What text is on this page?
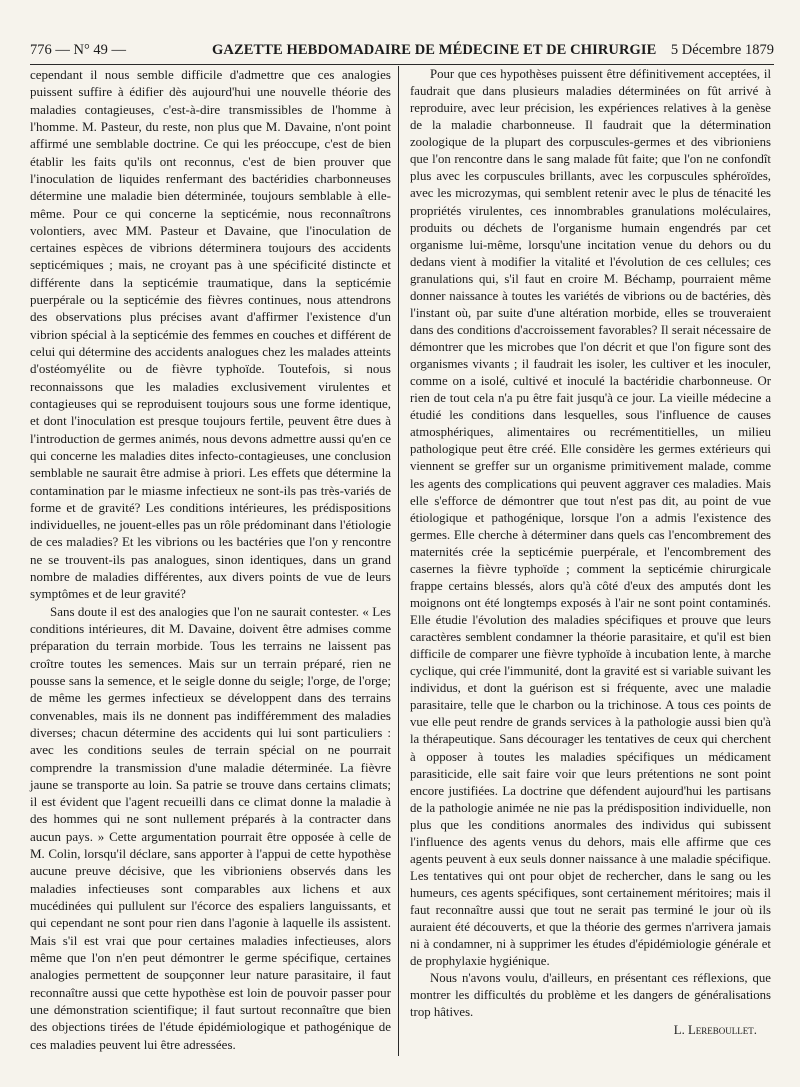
776 — N° 49 —	GAZETTE HEBDOMADAIRE DE MÉDECINE ET DE CHIRURGIE 5 Décembre 1879

cependant il nous semble difficile d'admettre que ces analogies puissent suffire à édifier dès aujourd'hui une nouvelle théorie des maladies contagieuses, c'est-à-dire transmissibles de l'homme à l'homme. M. Pasteur, du reste, non plus que M. Davaine, n'ont point affirmé une semblable doctrine. Ce qui les préoccupe, c'est de bien établir les faits qu'ils ont reconnus, c'est de bien prouver que l'inoculation de liquides renfermant des bactéridies charbonneuses détermine une maladie bien déterminée, toujours semblable à elle-même. Pour ce qui concerne la septicémie, nous reconnaîtrons volontiers, avec MM. Pasteur et Davaine, que l'inoculation de certaines espèces de vibrions déterminera toujours des accidents septicémiques ; mais, ne croyant pas à une spécificité distincte et différente dans la septicémie traumatique, dans la septicémie puerpérale ou la septicémie des fièvres continues, nous attendrons des observations plus précises avant d'affirmer l'existence d'un vibrion spécial à la septicémie des femmes en couches et différent de celui qui détermine des accidents analogues chez les malades atteints d'ostéomyélite ou de fièvre typhoïde. Toutefois, si nous reconnaissons que les maladies exclusivement virulentes et contagieuses qui se reproduisent toujours sous une forme identique, et dont l'inoculation est presque toujours fertile, peuvent être dues à l'introduction de germes animés, nous devons admettre aussi qu'en ce qui concerne les maladies dites infecto-contagieuses, une conclusion semblable ne saurait être admise à priori. Les effets que détermine la contamination par le miasme infectieux ne sont-ils pas très-variés de forme et de gravité? Les conditions intérieures, les prédispositions individuelles, ne jouent-elles pas un rôle prédominant dans l'étiologie de ces maladies? Et les vibrions ou les bactéries que l'on y rencontre ne se trouvent-ils pas analogues, sinon identiques, dans un grand nombre de maladies différentes, aux divers points de vue de leurs symptômes et de leur gravité?

Sans doute il est des analogies que l'on ne saurait contester. « Les conditions intérieures, dit M. Davaine, doivent être admises comme préparation du terrain morbide. Tous les terrains ne laissent pas croître toutes les semences. Mais sur un terrain préparé, rien ne pousse sans la semence, et le seigle donne du seigle; l'orge, de l'orge; de même les germes infectieux se développent dans des terrains convenables, mais ils ne donnent pas indifféremment des maladies diverses; chacun détermine des accidents qui lui sont particuliers : avec les conditions seules de terrain spécial on ne pourrait comprendre la transmission d'une maladie déterminée. La fièvre jaune se transporte au loin. Sa patrie se trouve dans certains climats; il est évident que l'agent recueilli dans ce climat donne la maladie à des hommes qui ne sont nullement préparés à la contracter dans aucun pays. » Cette argumentation pourrait être opposée à celle de M. Colin, lorsqu'il déclare, sans apporter à l'appui de cette hypothèse aucune preuve décisive, que les vibrioniens observés dans les maladies infectieuses sont comparables aux lichens et aux mucédinées qui pullulent sur l'écorce des espaliers languissants, et qui cependant ne sont pour rien dans l'agonie à laquelle ils assistent. Mais s'il est vrai que pour certaines maladies infectieuses, alors même que l'on n'en peut démontrer le germe spécifique, certaines analogies permettent de soupçonner leur nature parasitaire, il faut reconnaître aussi que cette hypothèse est loin de pouvoir passer pour une démonstration scientifique; il faut surtout reconnaître que bien des objections tirées de l'étude épidémiologique et pathogénique de ces maladies peuvent lui être adressées.

Pour que ces hypothèses puissent être définitivement acceptées, il faudrait que dans plusieurs maladies déterminées on fût arrivé à reproduire, avec leur précision, les expériences relatives à la genèse de la maladie charbonneuse. Il faudrait que la détermination zoologique de la plupart des corpuscules-germes et des vibrioniens que l'on rencontre dans le sang malade fût faite; que l'on ne confondît plus avec les corpuscules brillants, avec les corpuscules sphéroïdes, avec les microzymas, qui semblent retenir avec le plus de ténacité les propriétés virulentes, ces innombrables granulations moléculaires, produits ou déchets de l'organisme humain engendrés par cet organisme lui-même, lorsqu'une incitation venue du dehors ou du dedans vient à modifier la vitalité et l'évolution de ces cellules; ces granulations qui, s'il faut en croire M. Béchamp, pourraient même donner naissance à toutes les variétés de vibrions ou de bactéries, dès l'instant où, par suite d'une altération morbide, elles se trouveraient dans des conditions d'accroissement favorables? Il serait nécessaire de démontrer que les microbes que l'on décrit et que l'on figure sont des organismes vivants ; il faudrait les isoler, les cultiver et les inoculer, comme on a isolé, cultivé et inoculé la bactéridie charbonneuse. Or rien de tout cela n'a pu être fait jusqu'à ce jour. La vieille médecine a étudié les conditions dans lesquelles, sous l'influence de causes atmosphériques, alimentaires ou recrémentitielles, un milieu pathologique peut être créé. Elle considère les germes extérieurs qui viennent se greffer sur un organisme primitivement malade, comme les agents des complications qui peuvent aggraver ces maladies. Mais elle s'efforce de démontrer que tout n'est pas dit, au point de vue étiologique et pathogénique, lorsque l'on a admis l'existence des germes. Elle cherche à déterminer dans quels cas l'encombrement des maternités crée la septicémie puerpérale, et l'encombrement des casernes la fièvre typhoïde ; comment la septicémie chirurgicale frappe certains blessés, alors qu'à côté d'eux des amputés dont les moignons ont été longtemps exposés à l'air ne sont point contaminés. Elle étudie l'évolution des maladies spécifiques et prouve que leurs caractères semblent condamner la théorie parasitaire, et qu'il est bien difficile de comparer une fièvre typhoïde à incubation lente, à marche cyclique, qui crée l'immunité, dont la gravité est si variable suivant les individus, et dont la guérison est si fréquente, avec une maladie parasitaire, telle que le charbon ou la trichinose. A tous ces points de vue elle peut rendre de grands services à la pathologie aussi bien qu'à la thérapeutique. Sans décourager les tentatives de ceux qui cherchent à opposer à toutes les maladies spécifiques un médicament parasiticide, elle sait faire voir que leurs prétentions ne sont point encore justifiées. La doctrine que défendent aujourd'hui les partisans de la pathologie animée ne nie pas la prédisposition individuelle, non plus que les conditions anormales des individus qui subissent l'influence des agents venus du dehors, mais elle affirme que ces agents peuvent à eux seuls donner naissance à une maladie spécifique. Les tentatives qui ont pour objet de rechercher, dans le sang ou les humeurs, ces agents spécifiques, sont certainement méritoires; mais il faut reconnaître aussi que tout ne serait pas terminé le jour où ils auraient été découverts, et que la théorie des germes n'arrivera jamais ni à condamner, ni à supprimer les études d'épidémiologie générale et de prophylaxie hygiénique.

Nous n'avons voulu, d'ailleurs, en présentant ces réflexions, que montrer les difficultés du problème et les dangers de généralisations trop hâtives.

L. Lereboullet.
